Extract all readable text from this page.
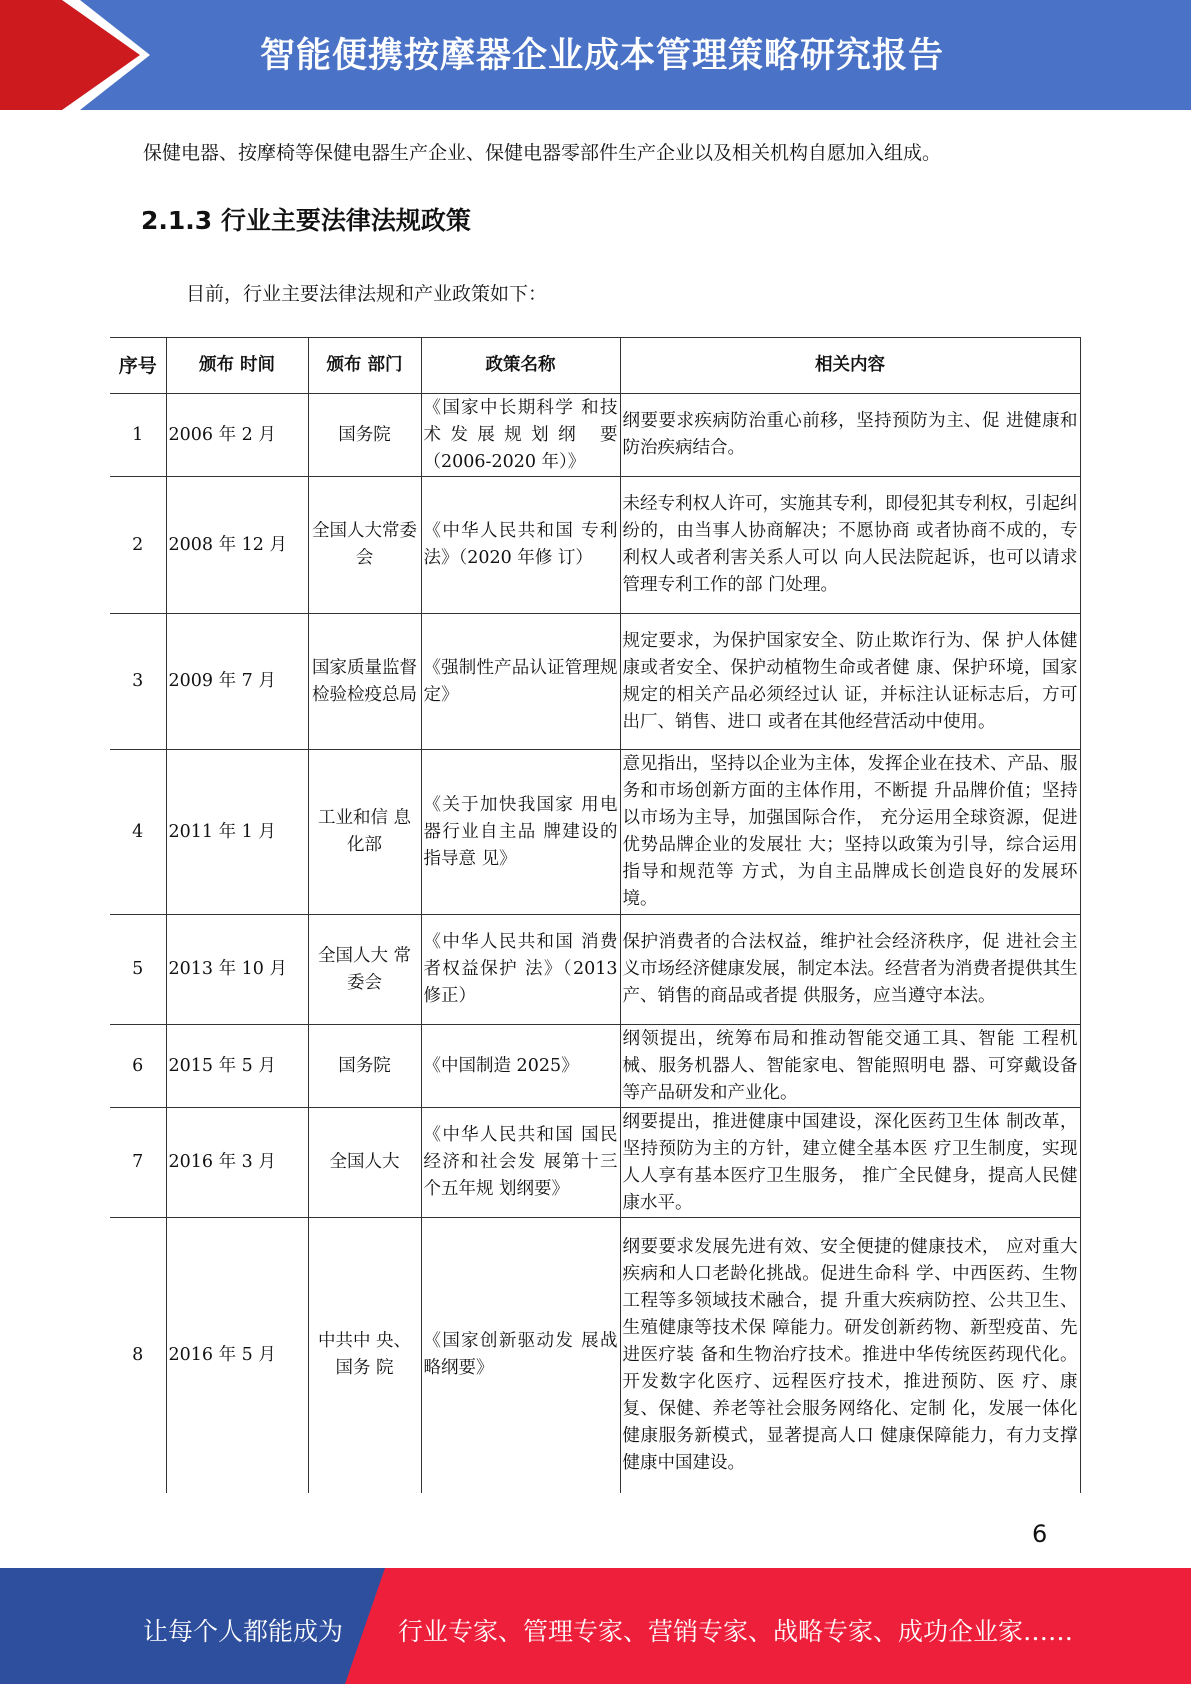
智能便携按摩器企业成本管理策略研究报告
保健电器、按摩椅等保健电器生产企业、保健电器零部件生产企业以及相关机构自愿加入组成。
2.1.3 行业主要法律法规政策
目前，行业主要法律法规和产业政策如下：
序号	颁布 时间	颁布 部门	政策名称	相关内容
1	2006 年 2 月	国务院	《国家中长期科学 和技术发展规划纲 要（2006-2020 年）》	纲要要求疾病防治重心前移，坚持预防为主、促 进健康和防治疾病结合。
2	2008 年 12 月	全国人大常委会	《中华人民共和国 专利法》（2020 年修 订）	未经专利权人许可，实施其专利，即侵犯其专利权，引起纠纷的，由当事人协商解决；不愿协商 或者协商不成的，专利权人或者利害关系人可以 向人民法院起诉，也可以请求管理专利工作的部 门处理。
3	2009 年 7 月	国家质量监督检验检疫总局	《强制性产品认证管理规定》	规定要求，为保护国家安全、防止欺诈行为、保 护人体健康或者安全、保护动植物生命或者健 康、保护环境，国家规定的相关产品必须经过认 证，并标注认证标志后，方可出厂、销售、进口 或者在其他经营活动中使用。
4	2011 年 1 月	工业和信 息化部	《关于加快我国家 用电器行业自主品 牌建设的指导意 见》	意见指出，坚持以企业为主体，发挥企业在技术、产品、服务和市场创新方面的主体作用，不断提 升品牌价值；坚持以市场为主导，加强国际合作， 充分运用全球资源，促进优势品牌企业的发展壮 大；坚持以政策为引导，综合运用指导和规范等 方式，为自主品牌成长创造良好的发展环境。
5	2013 年 10 月	全国人大 常委会	《中华人民共和国 消费者权益保护 法》（2013 修正）	保护消费者的合法权益，维护社会经济秩序，促 进社会主义市场经济健康发展，制定本法。经营者为消费者提供其生产、销售的商品或者提 供服务，应当遵守本法。
6	2015 年 5 月	国务院	《中国制造 2025》	纲领提出，统筹布局和推动智能交通工具、智能 工程机械、服务机器人、智能家电、智能照明电 器、可穿戴设备等产品研发和产业化。
7	2016 年 3 月	全国人大	《中华人民共和国 国民经济和社会发 展第十三个五年规 划纲要》	纲要提出，推进健康中国建设，深化医药卫生体 制改革，坚持预防为主的方针，建立健全基本医 疗卫生制度，实现人人享有基本医疗卫生服务， 推广全民健身，提高人民健康水平。
8	2016 年 5 月	中共中 央、国务 院	《国家创新驱动发 展战略纲要》	纲要要求发展先进有效、安全便捷的健康技术， 应对重大疾病和人口老龄化挑战。促进生命科 学、中西医药、生物工程等多领域技术融合，提 升重大疾病防控、公共卫生、生殖健康等技术保 障能力。研发创新药物、新型疫苗、先进医疗装 备和生物治疗技术。推进中华传统医药现代化。 开发数字化医疗、远程医疗技术，推进预防、医 疗、康复、保健、养老等社会服务网络化、定制 化，发展一体化健康服务新模式，显著提高人口 健康保障能力，有力支撑健康中国建设。
6
让每个人都能成为 行业专家、管理专家、营销专家、战略专家、成功企业家……
